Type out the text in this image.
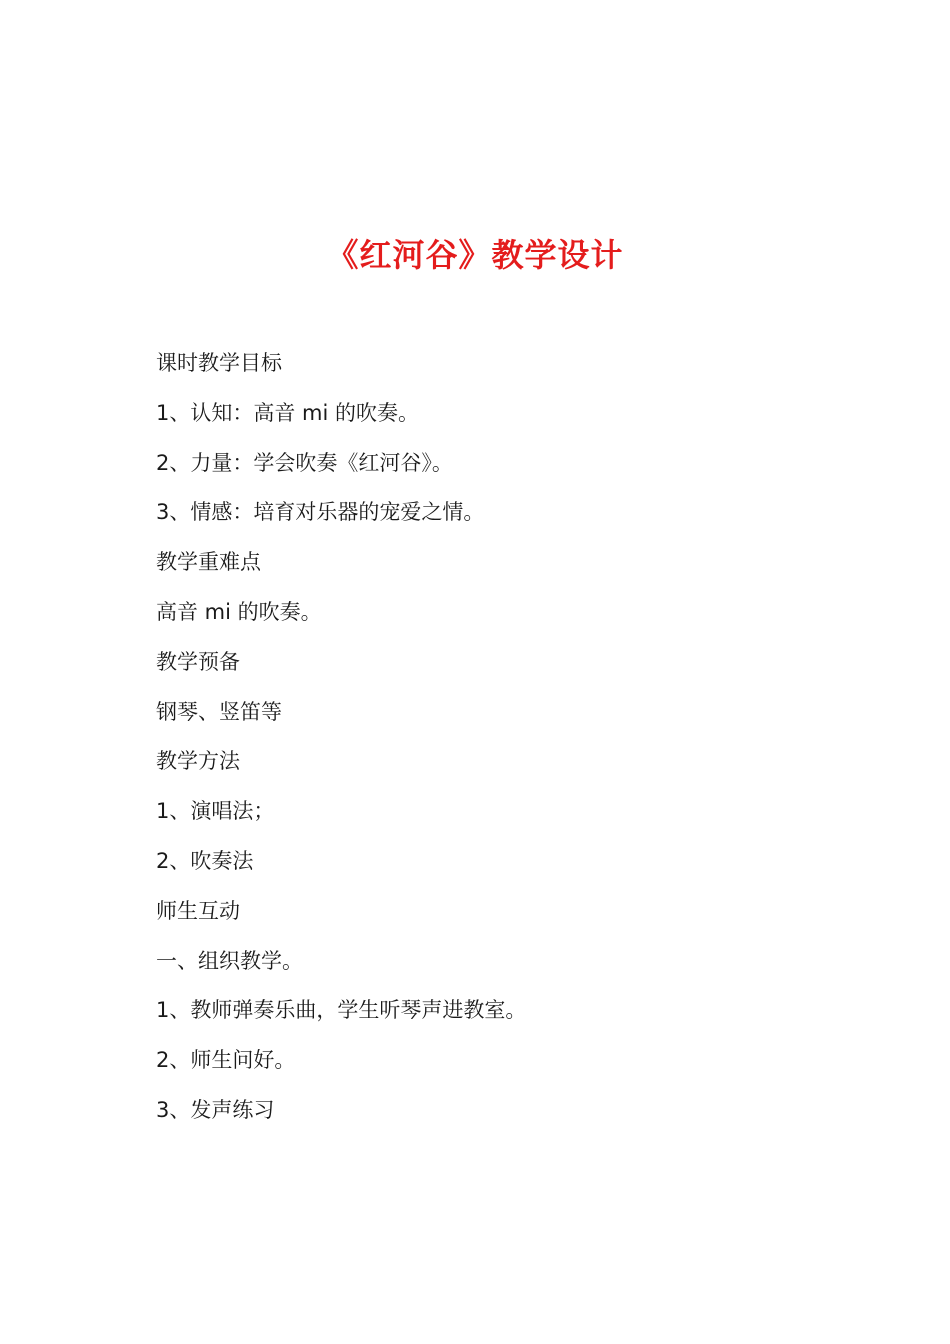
《红河谷》教学设计
课时教学目标
1、认知：高音 mi 的吹奏。
2、力量：学会吹奏《红河谷》。
3、情感：培育对乐器的宠爱之情。
教学重难点
高音 mi 的吹奏。
教学预备
钢琴、竖笛等
教学方法
1、演唱法；
2、吹奏法
师生互动
一、组织教学。
1、教师弹奏乐曲，学生听琴声进教室。
2、师生问好。
3、发声练习
